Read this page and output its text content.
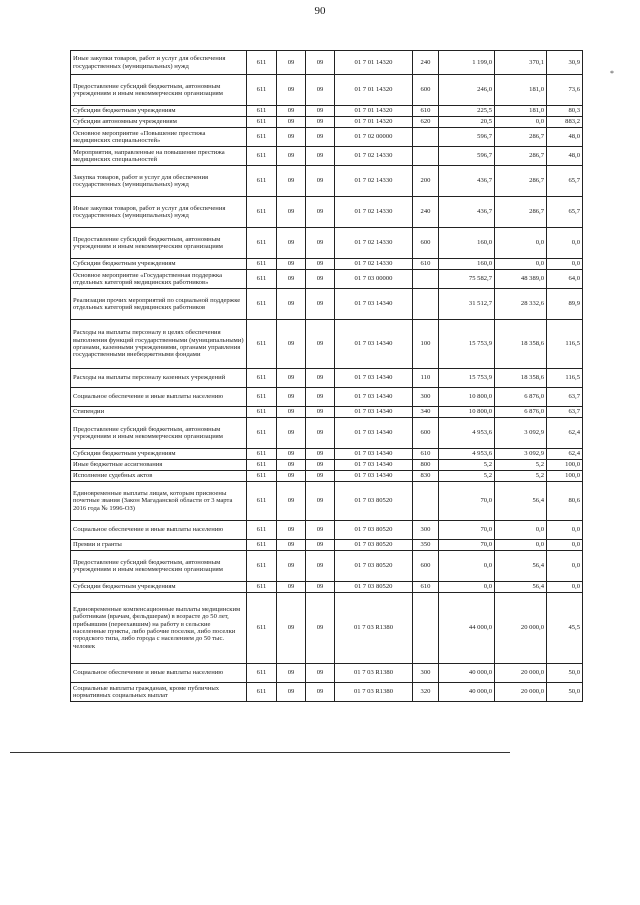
90
*
Иные закупки товаров, работ и услуг для обеспечения государственных (муниципальных) нужд	611	09	09	01 7 01 14320	240	1 199,0	370,1	30,9
Предоставление субсидий бюджетным, автономным учреждениям и иным некоммерческим организациям	611	09	09	01 7 01 14320	600	246,0	181,0	73,6
Субсидии бюджетным учреждениям	611	09	09	01 7 01 14320	610	225,5	181,0	80,3
Субсидии автономным учреждениям	611	09	09	01 7 01 14320	620	20,5	0,0	883,2
Основное мероприятие «Повышение престижа медицинских специальностей»	611	09	09	01 7 02 00000		596,7	286,7	48,0
Мероприятия, направленные на повышение престижа медицинских специальностей	611	09	09	01 7 02 14330		596,7	286,7	48,0
Закупка товаров, работ и услуг для обеспечения государственных (муниципальных) нужд	611	09	09	01 7 02 14330	200	436,7	286,7	65,7
Иные закупки товаров, работ и услуг для обеспечения государственных (муниципальных) нужд	611	09	09	01 7 02 14330	240	436,7	286,7	65,7
Предоставление субсидий бюджетным, автономным учреждениям и иным некоммерческим организациям	611	09	09	01 7 02 14330	600	160,0	0,0	0,0
Субсидии бюджетным учреждениям	611	09	09	01 7 02 14330	610	160,0	0,0	0,0
Основное мероприятие «Государственная поддержка отдельных категорий медицинских работников»	611	09	09	01 7 03 00000		75 582,7	48 389,0	64,0
Реализация прочих мероприятий по социальной поддержке отдельных категорий медицинских работников	611	09	09	01 7 03 14340		31 512,7	28 332,6	89,9
Расходы на выплаты персоналу в целях обеспечения выполнения функций государственными (муниципальными) органами, казенными учреждениями, органами управления государственными внебюджетными фондами	611	09	09	01 7 03 14340	100	15 753,9	18 358,6	116,5
Расходы на выплаты персоналу казенных учреждений	611	09	09	01 7 03 14340	110	15 753,9	18 358,6	116,5
Социальное обеспечение и иные выплаты населению	611	09	09	01 7 03 14340	300	10 800,0	6 876,0	63,7
Стипендии	611	09	09	01 7 03 14340	340	10 800,0	6 876,0	63,7
Предоставление субсидий бюджетным, автономным учреждениям и иным некоммерческим организациям	611	09	09	01 7 03 14340	600	4 953,6	3 092,9	62,4
Субсидии бюджетным учреждениям	611	09	09	01 7 03 14340	610	4 953,6	3 092,9	62,4
Иные бюджетные ассигнования	611	09	09	01 7 03 14340	800	5,2	5,2	100,0
Исполнение судебных актов	611	09	09	01 7 03 14340	830	5,2	5,2	100,0
Единовременные выплаты лицам, которым присвоены почетные звания (Закон Магаданской области от 3 марта 2016 года № 1996-ОЗ)	611	09	09	01 7 03 80520		70,0	56,4	80,6
Социальное обеспечение и иные выплаты населению	611	09	09	01 7 03 80520	300	70,0	0,0	0,0
Премии и гранты	611	09	09	01 7 03 80520	350	70,0	0,0	0,0
Предоставление субсидий бюджетным, автономным учреждениям и иным некоммерческим организациям	611	09	09	01 7 03 80520	600	0,0	56,4	0,0
Субсидии бюджетным учреждениям	611	09	09	01 7 03 80520	610	0,0	56,4	0,0
Единовременные компенсационные выплаты медицинским работникам (врачам, фельдшерам) в возрасте до 50 лет, прибывшим (переехавшим) на работу в сельские населенные пункты, либо рабочие поселки, либо поселки городского типа, либо города с населением до 50 тыс. человек	611	09	09	01 7 03 R1380		44 000,0	20 000,0	45,5
Социальное обеспечение и иные выплаты населению	611	09	09	01 7 03 R1380	300	40 000,0	20 000,0	50,0
Социальные выплаты гражданам, кроме публичных нормативных социальных выплат	611	09	09	01 7 03 R1380	320	40 000,0	20 000,0	50,0
